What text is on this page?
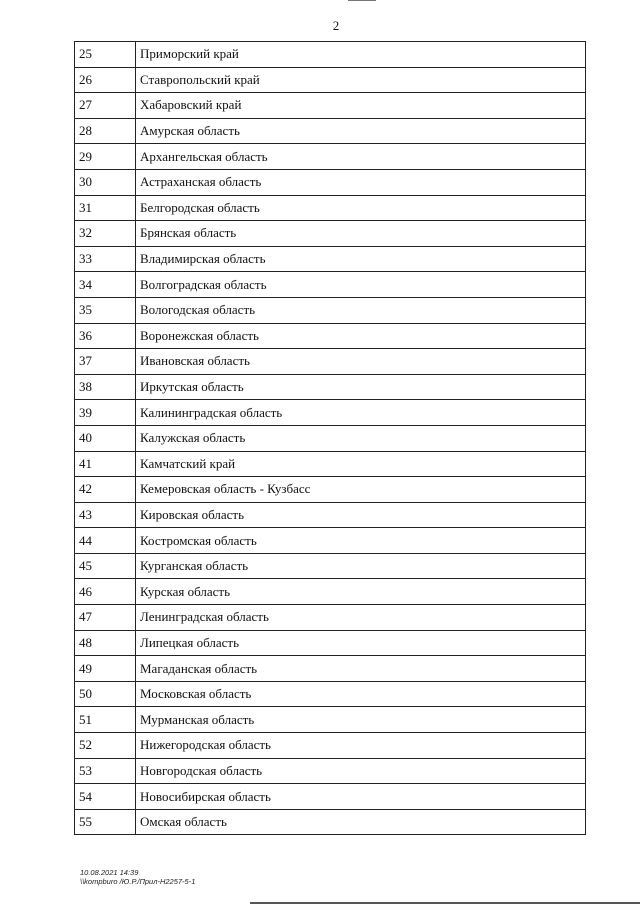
2
25	Приморский край
26	Ставропольский край
27	Хабаровский край
28	Амурская область
29	Архангельская область
30	Астраханская область
31	Белгородская область
32	Брянская область
33	Владимирская область
34	Волгоградская область
35	Вологодская область
36	Воронежская область
37	Ивановская область
38	Иркутская область
39	Калининградская область
40	Калужская область
41	Камчатский край
42	Кемеровская область - Кузбасс
43	Кировская область
44	Костромская область
45	Курганская область
46	Курская область
47	Ленинградская область
48	Липецкая область
49	Магаданская область
50	Московская область
51	Мурманская область
52	Нижегородская область
53	Новгородская область
54	Новосибирская область
55	Омская область
10.08.2021 14:39
\\kompburo /Ю.Р./Прил-Н2257-5-1
